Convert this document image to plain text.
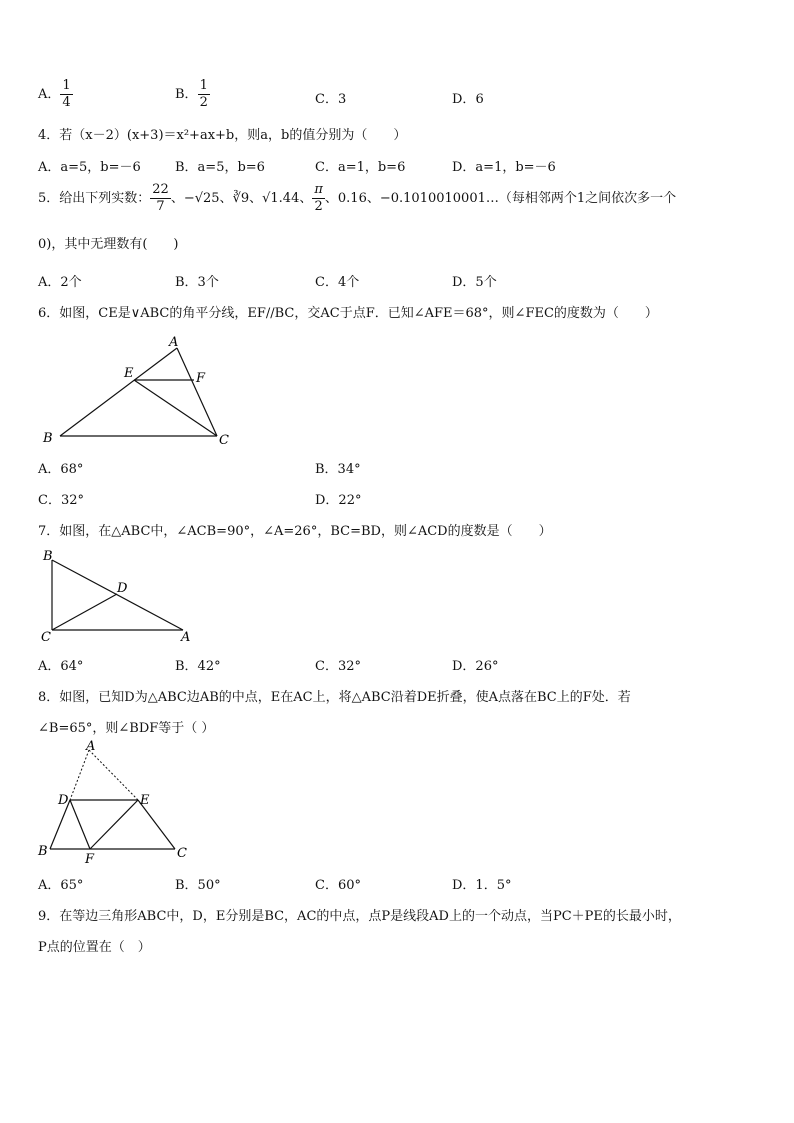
A． $\frac{1}{4}$	B． $\frac{1}{2}$	C．3	D．6
4．若（x－2）(x+3)＝x²+ax+b，则a，b的值分别为（　　）
A．a=5，b=－6	B．a=5，b=6	C．a=1，b=6	D．a=1，b=－6
5．给出下列实数： $\frac{22}{7}$ 、−√25、∛9、√1.44、 $\frac{\pi}{2}$ 、0.16、−0.1010010001…（每相邻两个1之间依次多一个
0)，其中无理数有(　　)
A．2个	B．3个	C．4个	D．5个
6．如图，CE是∨ABC的角平分线，EF//BC，交AC于点F．已知∠AFE＝68°，则∠FEC的度数为（　　）
A
E	F
B	C
A．68°	B．34°
C．32°	D．22°
7．如图，在△ABC中，∠ACB=90°，∠A=26°，BC=BD，则∠ACD的度数是（　　）
B
D
C	A
A．64°	B．42°	C．32°	D．26°
8．如图，已知D为△ABC边AB的中点，E在AC上，将△ABC沿着DE折叠，使A点落在BC上的F处．若
∠B=65°，则∠BDF等于（ ）
A
D	E
B
F	C
A．65°	B．50°	C．60°	D．1．5°
9．在等边三角形ABC中，D，E分别是BC，AC的中点，点P是线段AD上的一个动点，当PC＋PE的长最小时，
P点的位置在（　）
